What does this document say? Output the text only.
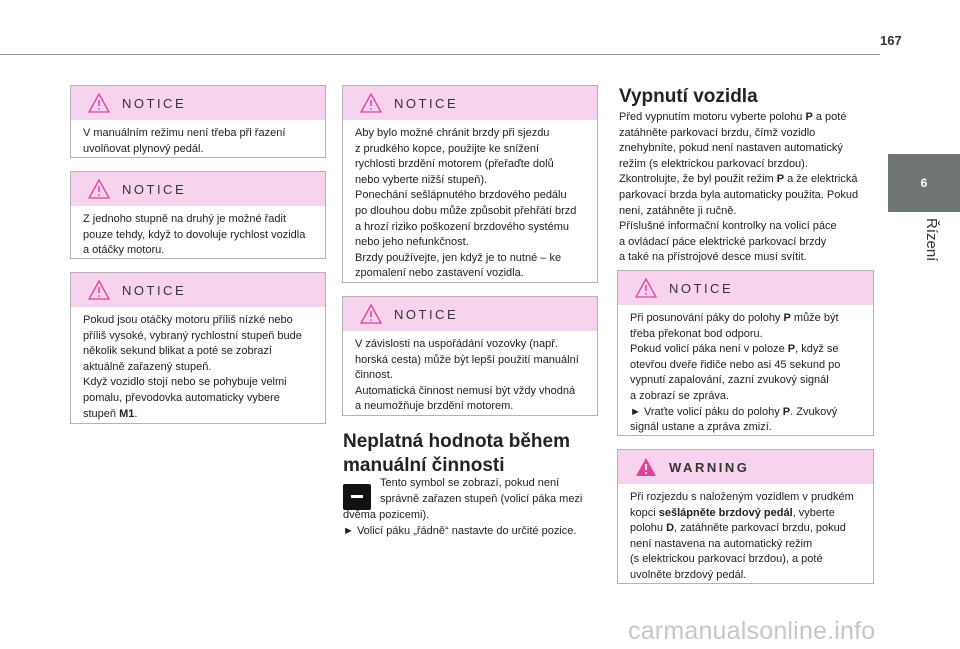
167
6
Řízení
NOTICE

V manuálním režimu není třeba při řazení

uvolňovat plynový pedál.

NOTICE

Z jednoho stupně na druhý je možné řadit

pouze tehdy, když to dovoluje rychlost vozidla

a otáčky motoru.

NOTICE

Pokud jsou otáčky motoru příliš nízké nebo

příliš vysoké, vybraný rychlostní stupeň bude

několik sekund blikat a poté se zobrazí

aktuálně zařazený stupeň.

Když vozidlo stojí nebo se pohybuje velmi

pomalu, převodovka automaticky vybere

stupeň M1.

NOTICE

Aby bylo možné chránit brzdy při sjezdu

z prudkého kopce, použijte ke snížení

rychlosti brzdění motorem (přeřaďte dolů

nebo vyberte nižší stupeň).

Ponechání sešlápnutého brzdového pedálu

po dlouhou dobu může způsobit přehřátí brzd

a hrozí riziko poškození brzdového systému

nebo jeho nefunkčnost.

Brzdy používejte, jen když je to nutné – ke

zpomalení nebo zastavení vozidla.

NOTICE

V závislosti na uspořádání vozovky (např.

horská cesta) může být lepší použití manuální

činnost.

Automatická činnost nemusí být vždy vhodná

a neumožňuje brzdění motorem.

Neplatná hodnota během
manuální činnosti

Tento symbol se zobrazí, pokud není

správně zařazen stupeň (volicí páka mezi

dvěma pozicemi).

► Volicí páku „řádně“ nastavte do určité pozice.

Vypnutí vozidla

Před vypnutím motoru vyberte polohu P a poté

zatáhněte parkovací brzdu, čímž vozidlo

znehybníte, pokud není nastaven automatický

režim (s elektrickou parkovací brzdou).

Zkontrolujte, že byl použit režim P a že elektrická

parkovací brzda byla automaticky použita. Pokud

není, zatáhněte ji ručně.

Příslušné informační kontrolky na volicí páce

a ovládací páce elektrické parkovací brzdy

a také na přístrojové desce musí svítit.

NOTICE

Při posunování páky do polohy P může být

třeba překonat bod odporu.

Pokud volicí páka není v poloze P, když se

otevřou dveře řidiče nebo asi 45 sekund po

vypnutí zapalování, zazní zvukový signál

a zobrazí se zpráva.

► Vraťte volicí páku do polohy P. Zvukový

signál ustane a zpráva zmizí.

WARNING

Při rozjezdu s naloženým vozidlem v prudkém

kopci sešlápněte brzdový pedál, vyberte

polohu D, zatáhněte parkovací brzdu, pokud

není nastavena na automatický režim

(s elektrickou parkovací brzdou), a poté

uvolněte brzdový pedál.

carmanualsonline.info
